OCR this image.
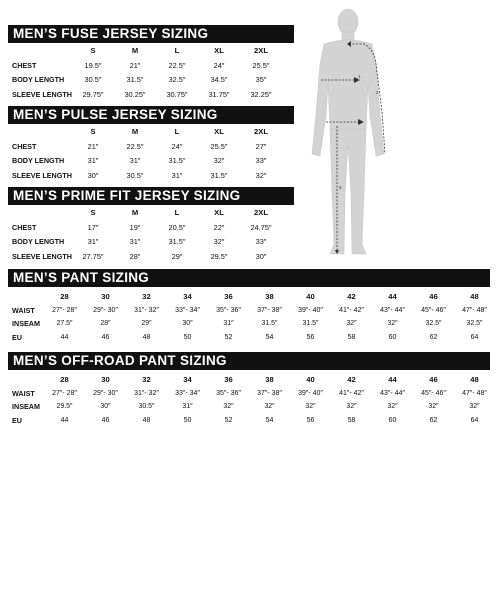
MEN’S FUSE JERSEY SIZING
	S	M	L	XL	2XL
CHEST	19.5″	21″	22.5″	24″	25.5″
BODY LENGTH	30.5″	31.5″	32.5″	34.5″	35″
SLEEVE LENGTH	29.75″	30.25″	30.75″	31.75″	32.25″
MEN’S PULSE JERSEY SIZING
	S	M	L	XL	2XL
CHEST	21″	22.5″	24″	25.5″	27″
BODY LENGTH	31″	31″	31.5″	32″	33″
SLEEVE LENGTH	30″	30.5″	31″	31.5″	32″
MEN’S PRIME FIT JERSEY SIZING
	S	M	L	XL	2XL
CHEST	17″	19″	20.5″	22″	24.75″
BODY LENGTH	31″	31″	31.5″	32″	33″
SLEEVE LENGTH	27.75″	28″	29″	29.5″	30″
MEN’S PANT SIZING
	28	30	32	34	36	38	40	42	44	46	48
WAIST	27″- 28″	29″- 30″	31″- 32″	33″- 34″	35″- 36″	37″- 38″	39″- 40″	41″- 42″	43″- 44″	45″- 46″	47″- 48″
INSEAM	27.5″	28″	29″	30″	31″	31.5″	31.5″	32″	32″	32.5″	32.5″
EU	44	46	48	50	52	54	56	58	60	62	64
MEN’S OFF-ROAD PANT SIZING
	28	30	32	34	36	38	40	42	44	46	48
WAIST	27″- 28″	29″- 30″	31″- 32″	33″- 34″	35″- 36″	37″- 38″	39″- 40″	41″- 42″	43″- 44″	45″- 46″	47″- 48″
INSEAM	29.5″	30″	30.5″	31″	32″	32″	32″	32″	32″	32″	32″
EU	44	46	48	50	52	54	56	58	60	62	64
1
2
3
